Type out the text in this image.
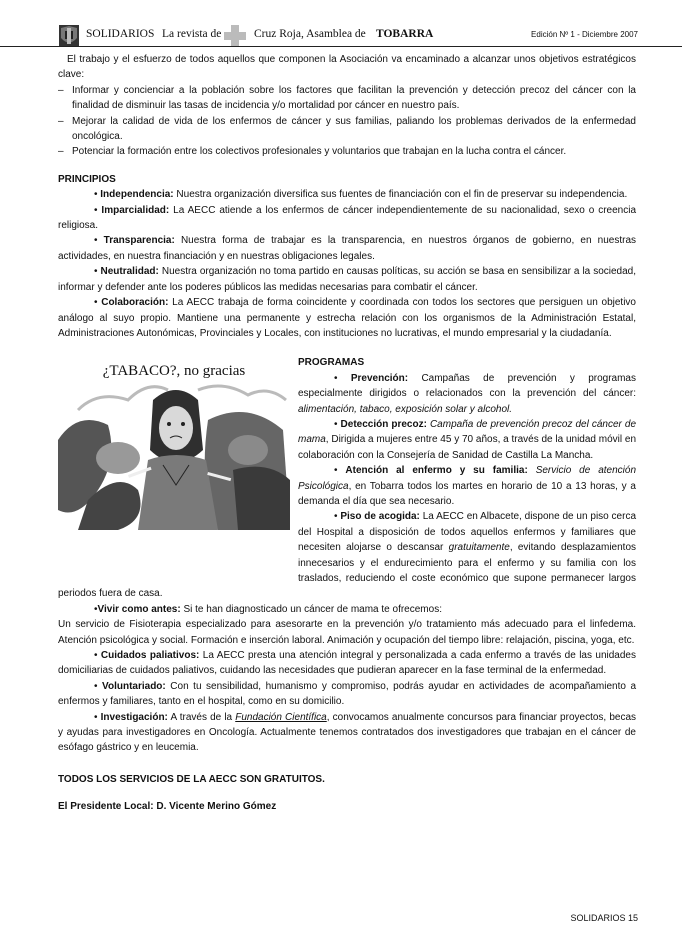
SOLIDARIOS La revista de	Cruz Roja, Asamblea de TOBARRA	Edición Nº 1 - Diciembre 2007

El trabajo y el esfuerzo de todos aquellos que componen la Asociación va encaminado a alcanzar unos objetivos estratégicos clave:

– Informar y concienciar a la población sobre los factores que facilitan la prevención y detección precoz del cáncer con la finalidad de disminuir las tasas de incidencia y/o mortalidad por cáncer en nuestro país.

– Mejorar la calidad de vida de los enfermos de cáncer y sus familias, paliando los problemas derivados de la enfermedad oncológica.

– Potenciar la formación entre los colectivos profesionales y voluntarios que trabajan en la lucha contra el cáncer.

PRINCIPIOS

• Independencia: Nuestra organización diversifica sus fuentes de financiación con el fin de preservar su independencia.

• Imparcialidad: La AECC atiende a los enfermos de cáncer independientemente de su nacionalidad, sexo o creencia religiosa.

• Transparencia: Nuestra forma de trabajar es la transparencia, en nuestros órganos de gobierno, en nuestras actividades, en nuestra financiación y en nuestras obligaciones legales.

• Neutralidad: Nuestra organización no toma partido en causas políticas, su acción se basa en sensibilizar a la sociedad, informar y defender ante los poderes públicos las medidas necesarias para combatir el cáncer.

• Colaboración: La AECC trabaja de forma coincidente y coordinada con todos los sectores que persiguen un objetivo análogo al suyo propio. Mantiene una permanente y estrecha relación con los organismos de la Administración Estatal, Administraciones Autonómicas, Provinciales y Locales, con instituciones no lucrativas, el mundo empresarial y la ciudadanía.

¿TABACO?, no gracias

PROGRAMAS

• Prevención: Campañas de prevención y programas especialmente dirigidos o relacionados con la prevención del cáncer: alimentación, tabaco, exposición solar y alcohol.

• Detección precoz: Campaña de prevención precoz del cáncer de mama, Dirigida a mujeres entre 45 y 70 años, a través de la unidad móvil en colaboración con la Consejería de Sanidad de Castilla La Mancha.

• Atención al enfermo y su familia: Servicio de atención Psicológica, en Tobarra todos los martes en horario de 10 a 13 horas, y a demanda el día que sea necesario.

• Piso de acogida: La AECC en Albacete, dispone de un piso cerca del Hospital a disposición de todos aquellos enfermos y familiares que necesiten alojarse o descansar gratuitamente, evitando desplazamientos innecesarios y el endurecimiento para el enfermo y su familia con los traslados, reduciendo el coste económico que supone permanecer largos periodos fuera de casa.

•Vivir como antes: Si te han diagnosticado un cáncer de mama te ofrecemos:

Un servicio de Fisioterapia especializado para asesorarte en la prevención y/o tratamiento más adecuado para el linfedema. Atención psicológica y social. Formación e inserción laboral. Animación y ocupación del tiempo libre: relajación, piscina, yoga, etc.

• Cuidados paliativos: La AECC presta una atención integral y personalizada a cada enfermo a través de las unidades domiciliarias de cuidados paliativos, cuidando las necesidades que pudieran aparecer en la fase terminal de la enfermedad.

• Voluntariado: Con tu sensibilidad, humanismo y compromiso, podrás ayudar en actividades de acompañamiento a enfermos y familiares, tanto en el hospital, como en su domicilio.

• Investigación: A través de la Fundación Científica, convocamos anualmente concursos para financiar proyectos, becas y ayudas para investigadores en Oncología. Actualmente tenemos contratados dos investigadores que trabajan en el cáncer de esófago gástrico y en leucemia.

TODOS LOS SERVICIOS DE LA AECC SON GRATUITOS.

El Presidente Local: D. Vicente Merino Gómez

SOLIDARIOS 15
